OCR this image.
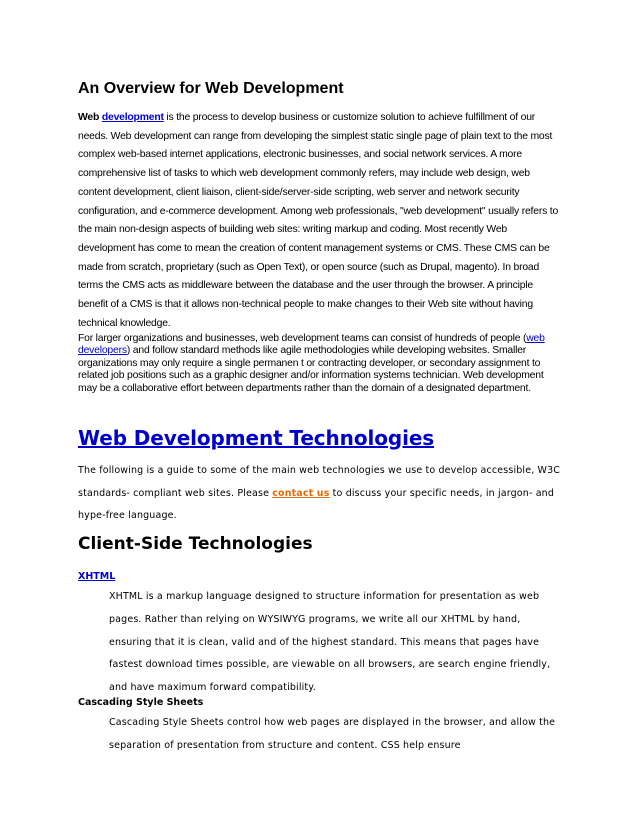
An Overview for Web Development
Web development is the process to develop business or customize solution to achieve fulfillment of our needs. Web development can range from developing the simplest static single page of plain text to the most complex web-based internet applications, electronic businesses, and social network services. A more comprehensive list of tasks to which web development commonly refers, may include web design, web content development, client liaison, client-side/server-side scripting, web server and network security configuration, and e-commerce development. Among web professionals, "web development" usually refers to the main non-design aspects of building web sites: writing markup and coding. Most recently Web development has come to mean the creation of content management systems or CMS. These CMS can be made from scratch, proprietary (such as Open Text), or open source (such as Drupal, magento). In broad terms the CMS acts as middleware between the database and the user through the browser. A principle benefit of a CMS is that it allows non-technical people to make changes to their Web site without having technical knowledge.
For larger organizations and businesses, web development teams can consist of hundreds of people (web developers) and follow standard methods like agile methodologies while developing websites. Smaller organizations may only require a single permanen t or contracting developer, or secondary assignment to related job positions such as a graphic designer and/or information systems technician. Web development may be a collaborative effort between departments rather than the domain of a designated department.
Web Development Technologies
The following is a guide to some of the main web technologies we use to develop accessible, W3C standards- compliant web sites. Please contact us to discuss your specific needs, in jargon- and hype-free language.
Client-Side Technologies
XHTML
XHTML is a markup language designed to structure information for presentation as web pages. Rather than relying on WYSIWYG programs, we write all our XHTML by hand, ensuring that it is clean, valid and of the highest standard. This means that pages have fastest download times possible, are viewable on all browsers, are search engine friendly, and have maximum forward compatibility.
Cascading Style Sheets
Cascading Style Sheets control how web pages are displayed in the browser, and allow the separation of presentation from structure and content. CSS help ensure
